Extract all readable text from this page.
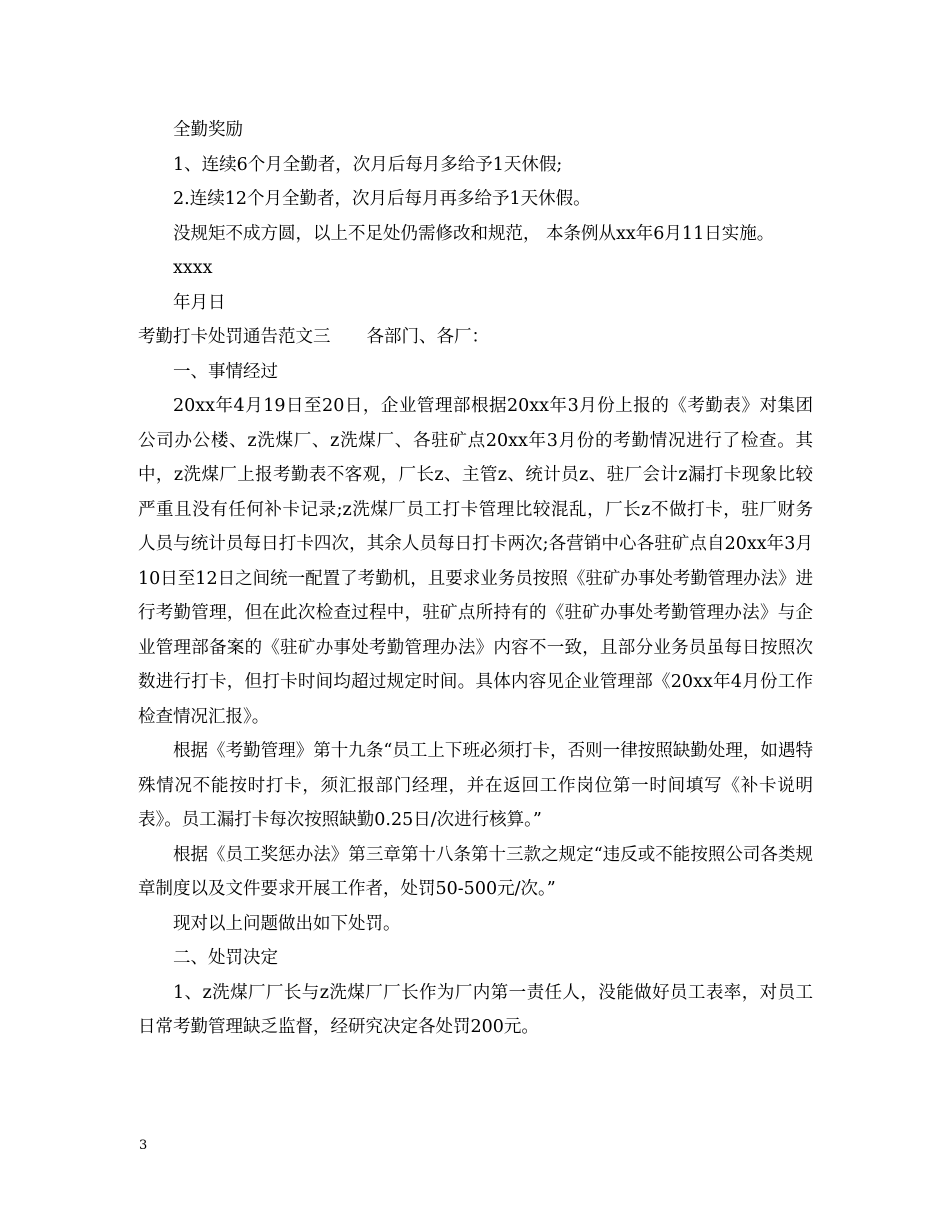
全勤奖励

1、连续6个月全勤者，次月后每月多给予1天休假;

2.连续12个月全勤者，次月后每月再多给予1天休假。

没规矩不成方圆，以上不足处仍需修改和规范， 本条例从xx年6月11日实施。

xxxx

年月日

考勤打卡处罚通告范文三 各部门、各厂：

一、事情经过

20xx年4月19日至20日，企业管理部根据20xx年3月份上报的《考勤表》对集团公司办公楼、z洗煤厂、z洗煤厂、各驻矿点20xx年3月份的考勤情况进行了检查。其中，z洗煤厂上报考勤表不客观，厂长z、主管z、统计员z、驻厂会计z漏打卡现象比较严重且没有任何补卡记录;z洗煤厂员工打卡管理比较混乱，厂长z不做打卡，驻厂财务 人员与统计员每日打卡四次，其余人员每日打卡两次;各营销中心各驻矿点自20xx年3月10日至12日之间统一配置了考勤机，且要求业务员按照《驻矿办事处考勤管理办法》进行考勤管理，但在此次检查过程中，驻矿点所持有的《驻矿办事处考勤管理办法》与企业管理部备案的《驻矿办事处考勤管理办法》内容不一致，且部分业务员虽每日按照次数进行打卡，但打卡时间均超过规定时间。具体内容见企业管理部《20xx年4月份工作检查情况汇报》。

根据《考勤管理》第十九条“员工上下班必须打卡，否则一律按照缺勤处理，如遇特殊情况不能按时打卡，须汇报部门经理，并在返回工作岗位第一时间填写《补卡说明表》。员工漏打卡每次按照缺勤0.25日/次进行核算。”

根据《员工奖惩办法》第三章第十八条第十三款之规定“违反或不能按照公司各类规章制度以及文件要求开展工作者，处罚50-500元/次。”

现对以上问题做出如下处罚。

二、处罚决定

1、z洗煤厂厂长与z洗煤厂厂长作为厂内第一责任人，没能做好员工表率，对员工日常考勤管理缺乏监督，经研究决定各处罚200元。

3
